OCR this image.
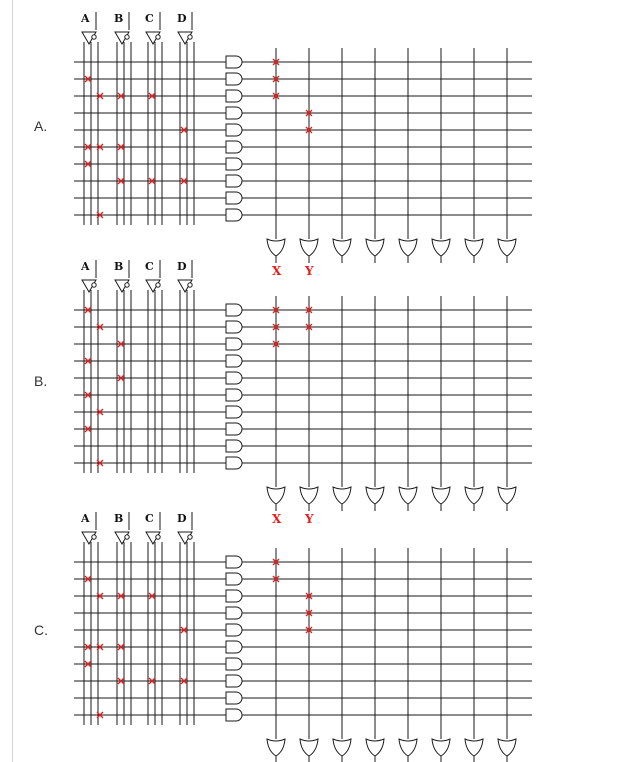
A.
B.
C.
A B C D
X Y
A B C D
X Y
A B C D
